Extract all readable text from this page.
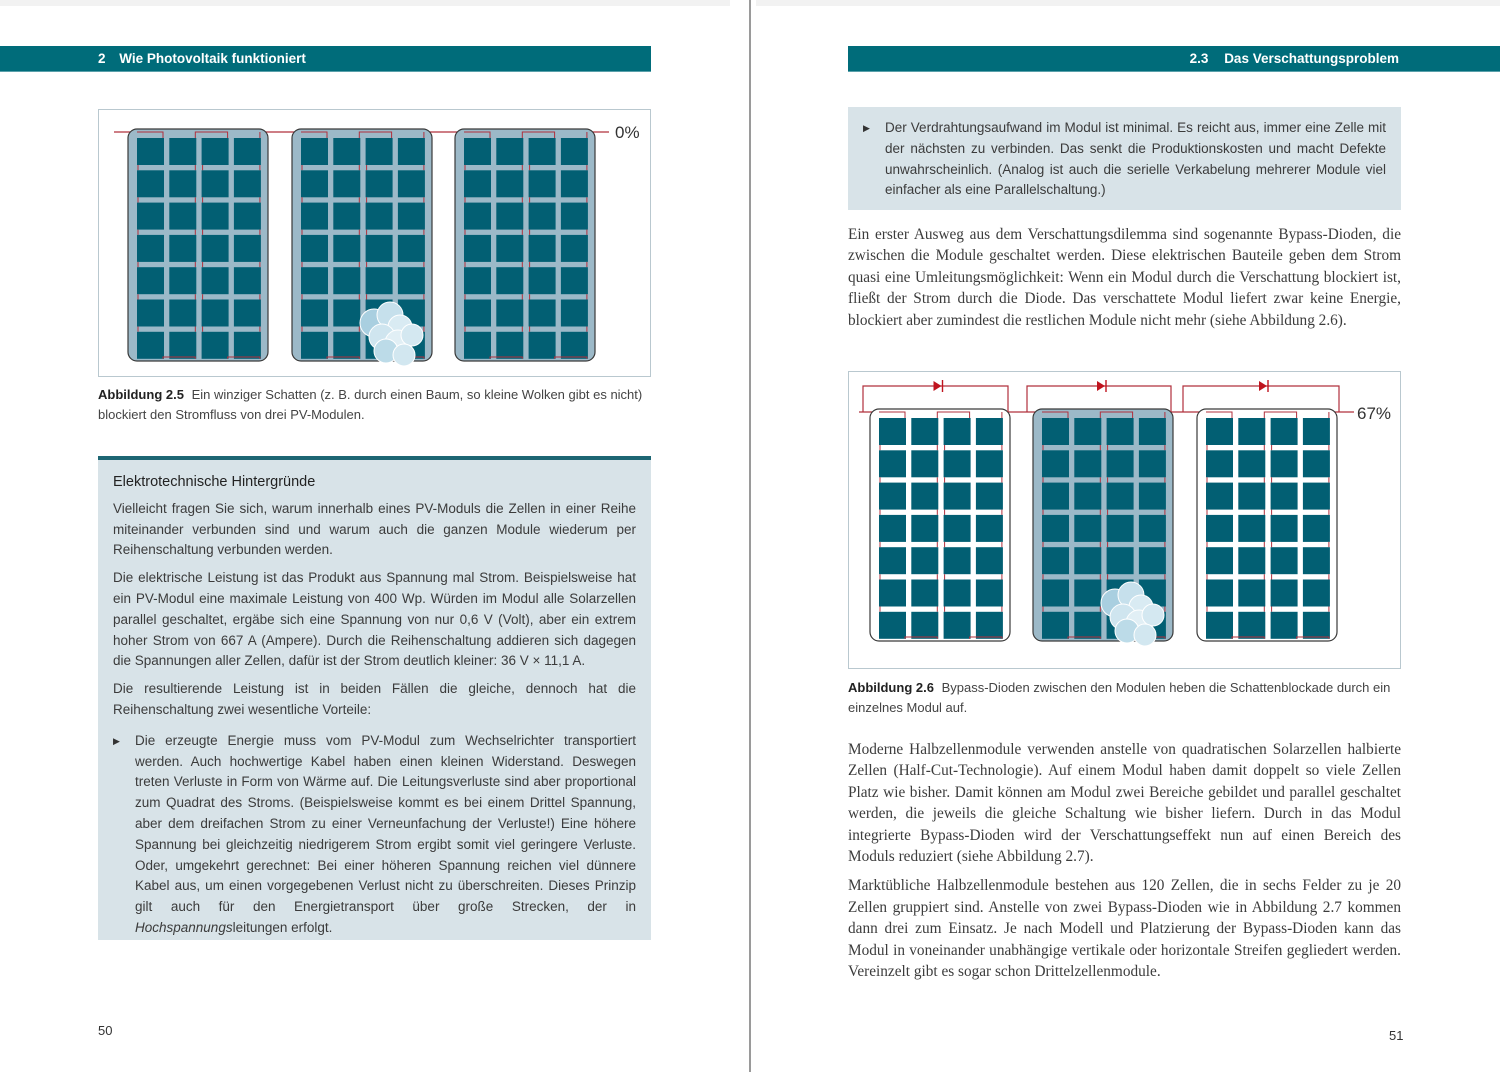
2 Wie Photovoltaik funktioniert
0%
Abbildung 2.5 Ein winziger Schatten (z. B. durch einen Baum, so kleine Wolken gibt es nicht) blockiert den Stromfluss von drei PV-Modulen.
Elektrotechnische Hintergründe

Vielleicht fragen Sie sich, warum innerhalb eines PV-Moduls die Zellen in einer Reihe miteinander verbunden sind und warum auch die ganzen Module wiederum per Reihenschaltung verbunden werden.

Die elektrische Leistung ist das Produkt aus Spannung mal Strom. Beispielsweise hat ein PV-Modul eine maximale Leistung von 400 Wp. Würden im Modul alle Solarzellen parallel geschaltet, ergäbe sich eine Spannung von nur 0,6 V (Volt), aber ein extrem hoher Strom von 667 A (Ampere). Durch die Reihenschaltung addieren sich dagegen die Spannungen aller Zellen, dafür ist der Strom deutlich kleiner: 36 V × 11,1 A.

Die resultierende Leistung ist in beiden Fällen die gleiche, dennoch hat die Reihenschaltung zwei wesentliche Vorteile:

▶ Die erzeugte Energie muss vom PV-Modul zum Wechselrichter transportiert werden. Auch hochwertige Kabel haben einen kleinen Widerstand. Deswegen treten Verluste in Form von Wärme auf. Die Leitungsverluste sind aber proportional zum Quadrat des Stroms. (Beispielsweise kommt es bei einem Drittel Spannung, aber dem dreifachen Strom zu einer Verneunfachung der Verluste!) Eine höhere Spannung bei gleichzeitig niedrigerem Strom ergibt somit viel geringere Verluste. Oder, umgekehrt gerechnet: Bei einer höheren Spannung reichen viel dünnere Kabel aus, um einen vorgegebenen Verlust nicht zu überschreiten. Dieses Prinzip gilt auch für den Energietransport über große Strecken, der in Hochspannungsleitungen erfolgt.
50
2.3 Das Verschattungsproblem
▶ Der Verdrahtungsaufwand im Modul ist minimal. Es reicht aus, immer eine Zelle mit der nächsten zu verbinden. Das senkt die Produktionskosten und macht Defekte unwahrscheinlich. (Analog ist auch die serielle Verkabelung mehrerer Module viel einfacher als eine Parallelschaltung.)

Ein erster Ausweg aus dem Verschattungsdilemma sind sogenannte Bypass-Dioden, die zwischen die Module geschaltet werden. Diese elektrischen Bauteile geben dem Strom quasi eine Umleitungsmöglichkeit: Wenn ein Modul durch die Verschattung blockiert ist, fließt der Strom durch die Diode. Das verschattete Modul liefert zwar keine Energie, blockiert aber zumindest die restlichen Module nicht mehr (siehe Abbildung 2.6).

67%
Abbildung 2.6 Bypass-Dioden zwischen den Modulen heben die Schattenblockade durch ein einzelnes Modul auf.

Moderne Halbzellenmodule verwenden anstelle von quadratischen Solarzellen halbierte Zellen (Half-Cut-Technologie). Auf einem Modul haben damit doppelt so viele Zellen Platz wie bisher. Damit können am Modul zwei Bereiche gebildet und parallel geschaltet werden, die jeweils die gleiche Schaltung wie bisher liefern. Durch in das Modul integrierte Bypass-Dioden wird der Verschattungseffekt nun auf einen Bereich des Moduls reduziert (siehe Abbildung 2.7).

Marktübliche Halbzellenmodule bestehen aus 120 Zellen, die in sechs Felder zu je 20 Zellen gruppiert sind. Anstelle von zwei Bypass-Dioden wie in Abbildung 2.7 kommen dann drei zum Einsatz. Je nach Modell und Platzierung der Bypass-Dioden kann das Modul in voneinander unabhängige vertikale oder horizontale Streifen gegliedert werden. Vereinzelt gibt es sogar schon Drittelzellenmodule.

51
